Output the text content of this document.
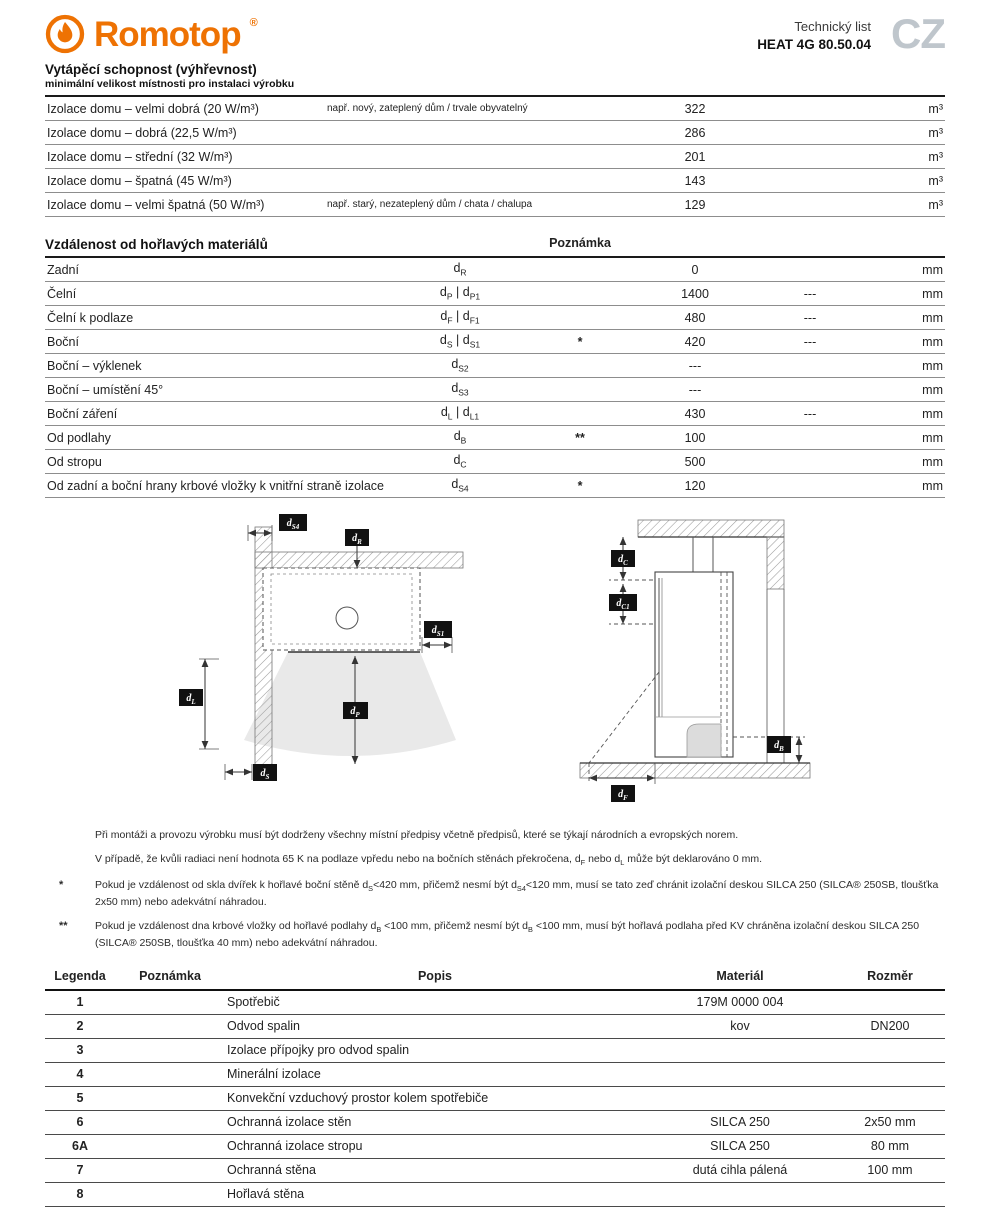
Romotop ®	Technický list
HEAT 4G 80.50.04 CZ
Vytápěcí schopnost (výhřevnost)
minimální velikost místnosti pro instalaci výrobku
Izolace domu – velmi dobrá (20 W/m³)	např. nový, zateplený dům / trvale obyvatelný	322	m³
Izolace domu – dobrá (22,5 W/m³)	286	m³
Izolace domu – střední (32 W/m³)	201	m³
Izolace domu – špatná (45 W/m³)	143	m³
Izolace domu – velmi špatná (50 W/m³)	např. starý, nezateplený dům / chata / chalupa	129	m³
Vzdálenost od hořlavých materiálů	Poznámka
Zadní	$d_R$	0	mm
Čelní	$d_P$ | $d_{P1}$	1400	---	mm
Čelní k podlaze	$d_F$ | $d_{F1}$	480	---	mm
Boční	$d_S$ | $d_{S1}$	*	420	---	mm
Boční – výklenek	$d_{S2}$	---	mm
Boční – umístění 45°	$d_{S3}$	---	mm
Boční záření	$d_L$ | $d_{L1}$	430	---	mm
Od podlahy	$d_B$	**	100	mm
Od stropu	$d_C$	500	mm
Od zadní a boční hrany krbové vložky k vnitřní straně izolace	$d_{S4}$	*	120	mm
$d_{S4}$
$d_R$
$d_{S1}$
$d_L$
$d_P$
$d_S$
$d_C$
$d_{C1}$
$d_B$
$d_F$
Při montáži a provozu výrobku musí být dodrženy všechny místní předpisy včetně předpisů, které se týkají národních a evropských norem.
V případě, že kvůli radiaci není hodnota 65 K na podlaze vpředu nebo na bočních stěnách překročena, $d_F$ nebo $d_L$ může být deklarováno 0 mm.
*	Pokud je vzdálenost od skla dvířek k hořlavé boční stěně $d_S<420$ mm, přičemž nesmí být $d_{S4}<120$ mm, musí se tato zeď chránit izolační deskou SILCA 250 (SILCA® 250SB, tloušťka 2x50 mm) nebo adekvátní náhradou.
**	Pokud je vzdálenost dna krbové vložky od hořlavé podlahy $d_B <100$ mm, přičemž nesmí být $d_B <100$ mm, musí být hořlavá podlaha před KV chráněna izolační deskou SILCA 250 (SILCA® 250SB, tloušťka 40 mm) nebo adekvátní náhradou.
Legenda	Poznámka	Popis	Materiál	Rozměr
1	Spotřebič	179M 0000 004
2	Odvod spalin	kov	DN200
3	Izolace přípojky pro odvod spalin
4	Minerální izolace
5	Konvekční vzduchový prostor kolem spotřebiče
6	Ochranná izolace stěn	SILCA 250	2x50 mm
6A	Ochranná izolace stropu	SILCA 250	80 mm
7	Ochranná stěna	dutá cihla pálená	100 mm
8	Hořlavá stěna
